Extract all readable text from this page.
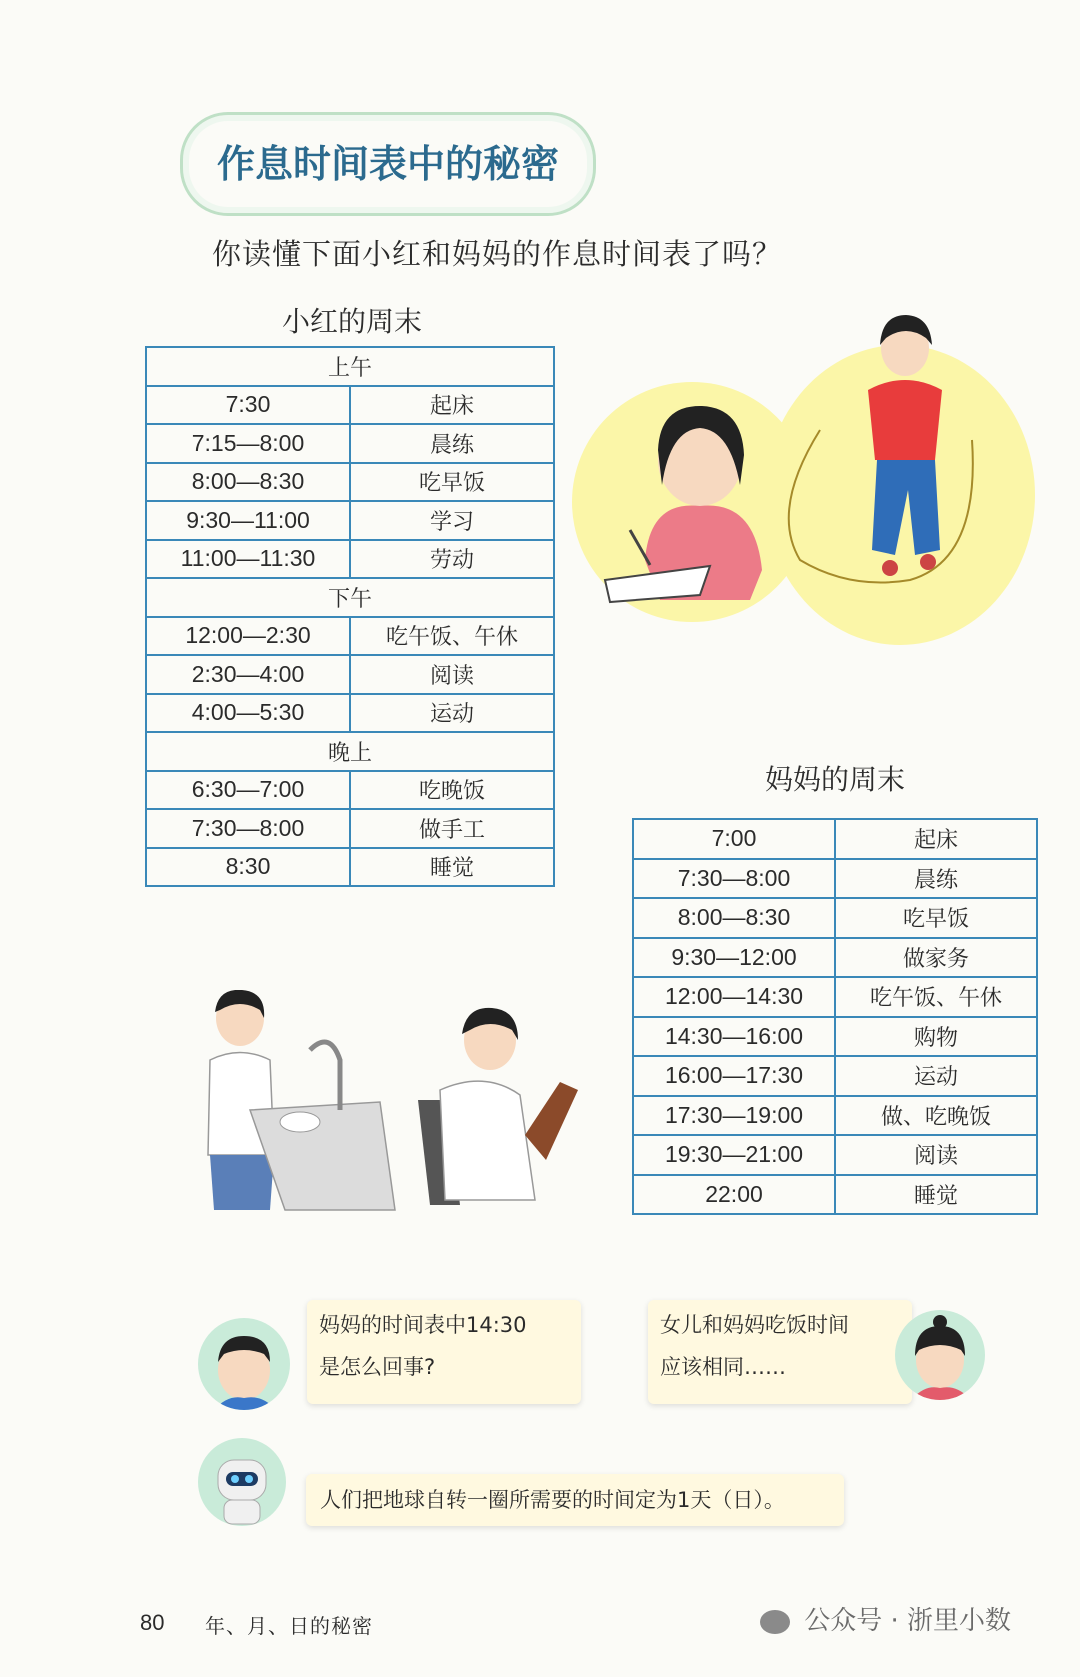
作息时间表中的秘密
你读懂下面小红和妈妈的作息时间表了吗？
小红的周末
上午	
7:30	起床
7:15—8:00	晨练
8:00—8:30	吃早饭
9:30—11:00	学习
11:00—11:30	劳动
下午	
12:00—2:30	吃午饭、午休
2:30—4:00	阅读
4:00—5:30	运动
晚上	
6:30—7:00	吃晚饭
7:30—8:00	做手工
8:30	睡觉
妈妈的周末
7:00	起床
7:30—8:00	晨练
8:00—8:30	吃早饭
9:30—12:00	做家务
12:00—14:30	吃午饭、午休
14:30—16:00	购物
16:00—17:30	运动
17:30—19:00	做、吃晚饭
19:30—21:00	阅读
22:00	睡觉
妈妈的时间表中14:30
是怎么回事?
女儿和妈妈吃饭时间
应该相同……
人们把地球自转一圈所需要的时间定为1天（日）。
80 年、月、日的秘密	公众号 · 浙里小数
